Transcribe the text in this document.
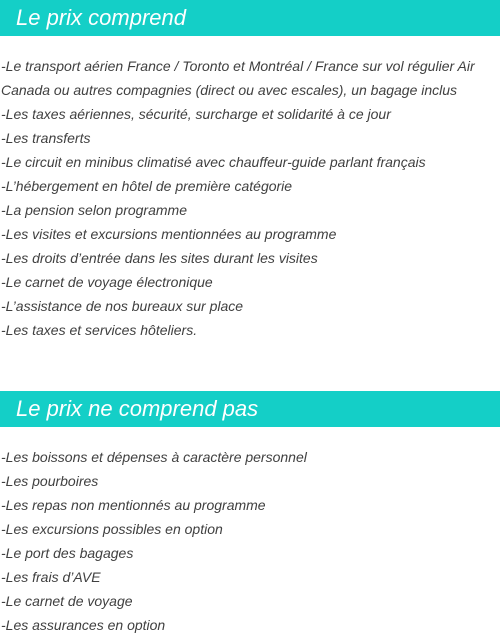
Le prix comprend
-Le transport aérien France / Toronto et Montréal / France sur vol régulier Air Canada ou autres compagnies (direct ou avec escales), un bagage inclus
-Les taxes aériennes, sécurité, surcharge et solidarité à ce jour
-Les transferts
-Le circuit en minibus climatisé avec chauffeur-guide parlant français
-L’hébergement en hôtel de première catégorie
-La pension selon programme
-Les visites et excursions mentionnées au programme
-Les droits d’entrée dans les sites durant les visites
-Le carnet de voyage électronique
-L’assistance de nos bureaux sur place
-Les taxes et services hôteliers.
Le prix ne comprend pas
-Les boissons et dépenses à caractère personnel
-Les pourboires
-Les repas non mentionnés au programme
-Les excursions possibles en option
-Le port des bagages
-Les frais d’AVE
-Le carnet de voyage
-Les assurances en option
